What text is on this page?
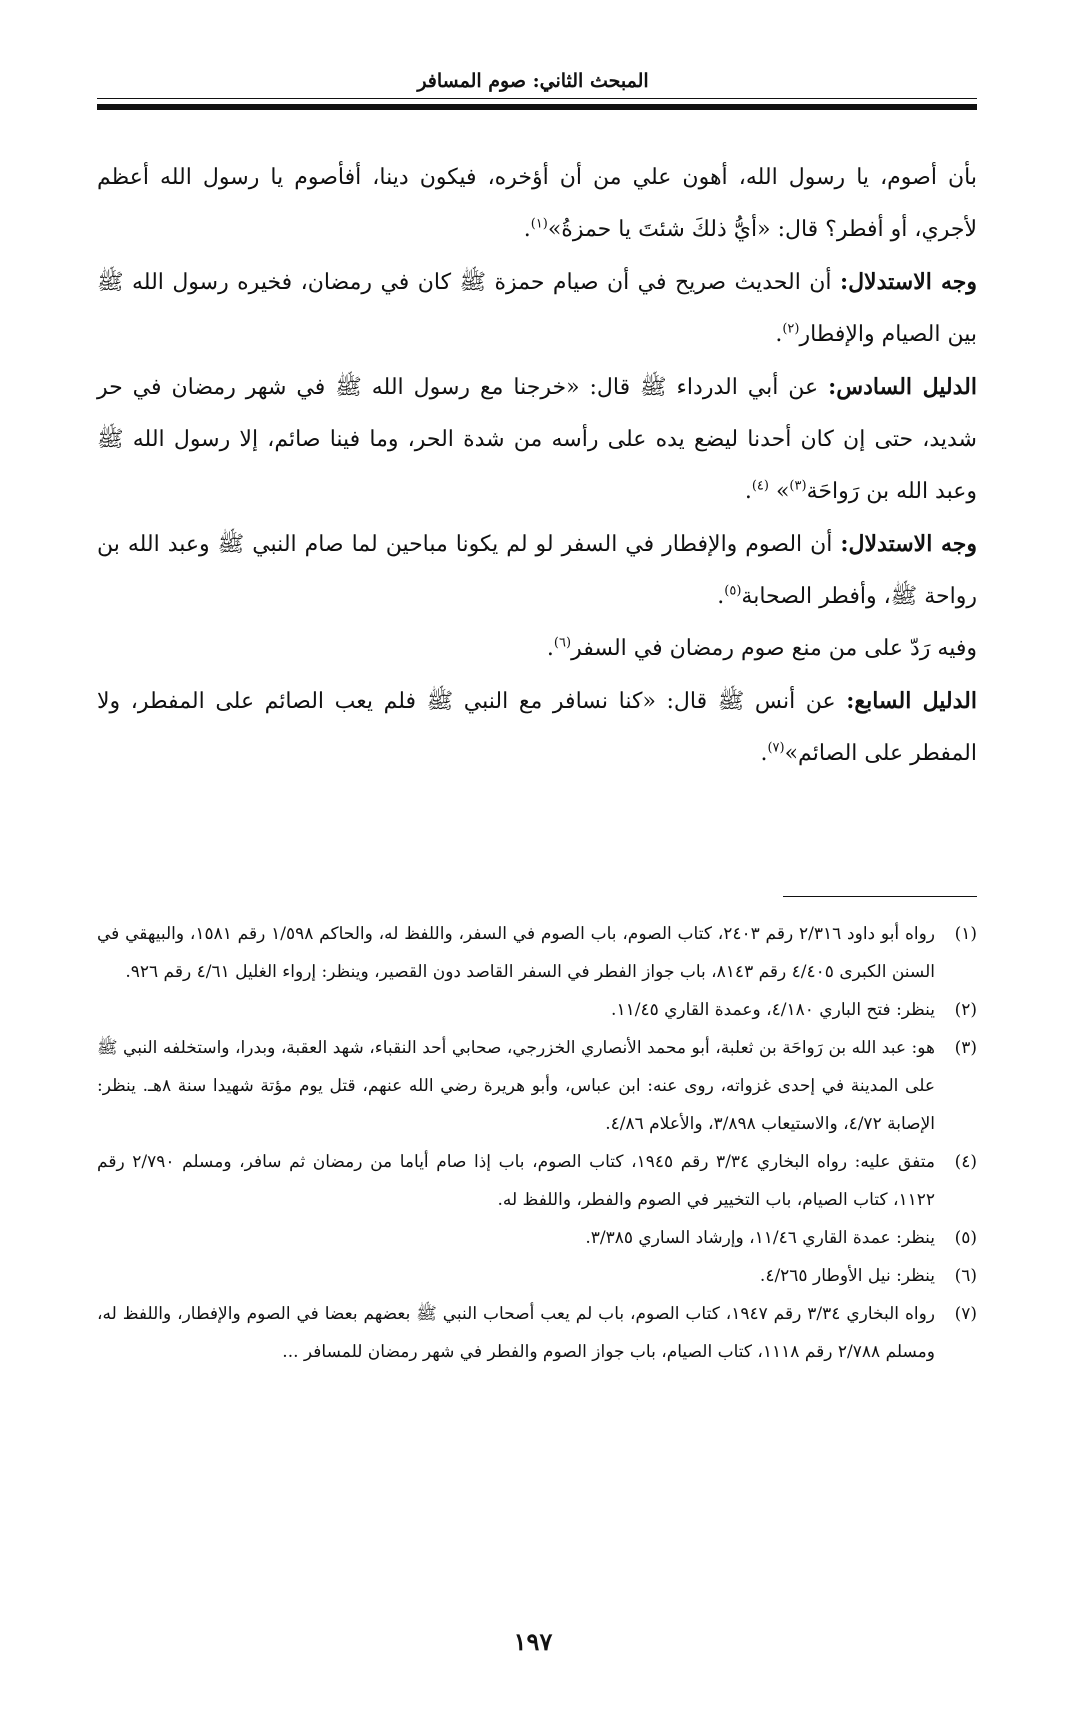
المبحث الثاني: صوم المسافر

بأن أصوم، يا رسول الله، أهون علي من أن أؤخره، فيكون دينا، أفأصوم يا رسول الله أعظم لأجري، أو أفطر؟ قال: «أيُّ ذلكَ شئتَ يا حمزةُ»$^{(١)}$.

وجه الاستدلال: أن الحديث صريح في أن صيام حمزة ﷺ كان في رمضان، فخيره رسول الله ﷺ بين الصيام والإفطار$^{(٢)}$.

الدليل السادس: عن أبي الدرداء ﷺ قال: «خرجنا مع رسول الله ﷺ في شهر رمضان في حر شديد، حتى إن كان أحدنا ليضع يده على رأسه من شدة الحر، وما فينا صائم، إلا رسول الله ﷺ وعبد الله بن رَواحَة$^{(٣)}$» $^{(٤)}$.

وجه الاستدلال: أن الصوم والإفطار في السفر لو لم يكونا مباحين لما صام النبي ﷺ وعبد الله بن رواحة ﷺ، وأفطر الصحابة$^{(٥)}$.

وفيه رَدّ على من منع صوم رمضان في السفر$^{(٦)}$.

الدليل السابع: عن أنس ﷺ قال: «كنا نسافر مع النبي ﷺ فلم يعب الصائم على المفطر، ولا المفطر على الصائم»$^{(٧)}$.

(١)
رواه أبو داود ٢/٣١٦ رقم ٢٤٠٣، كتاب الصوم، باب الصوم في السفر، واللفظ له، والحاكم ١/٥٩٨ رقم ١٥٨١، والبيهقي في السنن الكبرى ٤/٤٠٥ رقم ٨١٤٣، باب جواز الفطر في السفر القاصد دون القصير، وينظر: إرواء الغليل ٤/٦١ رقم ٩٢٦.

(٢)
ينظر: فتح الباري ٤/١٨٠، وعمدة القاري ١١/٤٥.

(٣)
هو: عبد الله بن رَواحَة بن ثعلبة، أبو محمد الأنصاري الخزرجي، صحابي أحد النقباء، شهد العقبة، وبدرا، واستخلفه النبي ﷺ على المدينة في إحدى غزواته، روى عنه: ابن عباس، وأبو هريرة رضي الله عنهم، قتل يوم مؤتة شهيدا سنة ٨هـ. ينظر: الإصابة ٤/٧٢، والاستيعاب ٣/٨٩٨، والأعلام ٤/٨٦.

(٤)
متفق عليه: رواه البخاري ٣/٣٤ رقم ١٩٤٥، كتاب الصوم، باب إذا صام أياما من رمضان ثم سافر، ومسلم ٢/٧٩٠ رقم ١١٢٢، كتاب الصيام، باب التخيير في الصوم والفطر، واللفظ له.

(٥)
ينظر: عمدة القاري ١١/٤٦، وإرشاد الساري ٣/٣٨٥.

(٦)
ينظر: نيل الأوطار ٤/٢٦٥.

(٧)
رواه البخاري ٣/٣٤ رقم ١٩٤٧، كتاب الصوم، باب لم يعب أصحاب النبي ﷺ بعضهم بعضا في الصوم والإفطار، واللفظ له، ومسلم ٢/٧٨٨ رقم ١١١٨، كتاب الصيام، باب جواز الصوم والفطر في شهر رمضان للمسافر ...

١٩٧
